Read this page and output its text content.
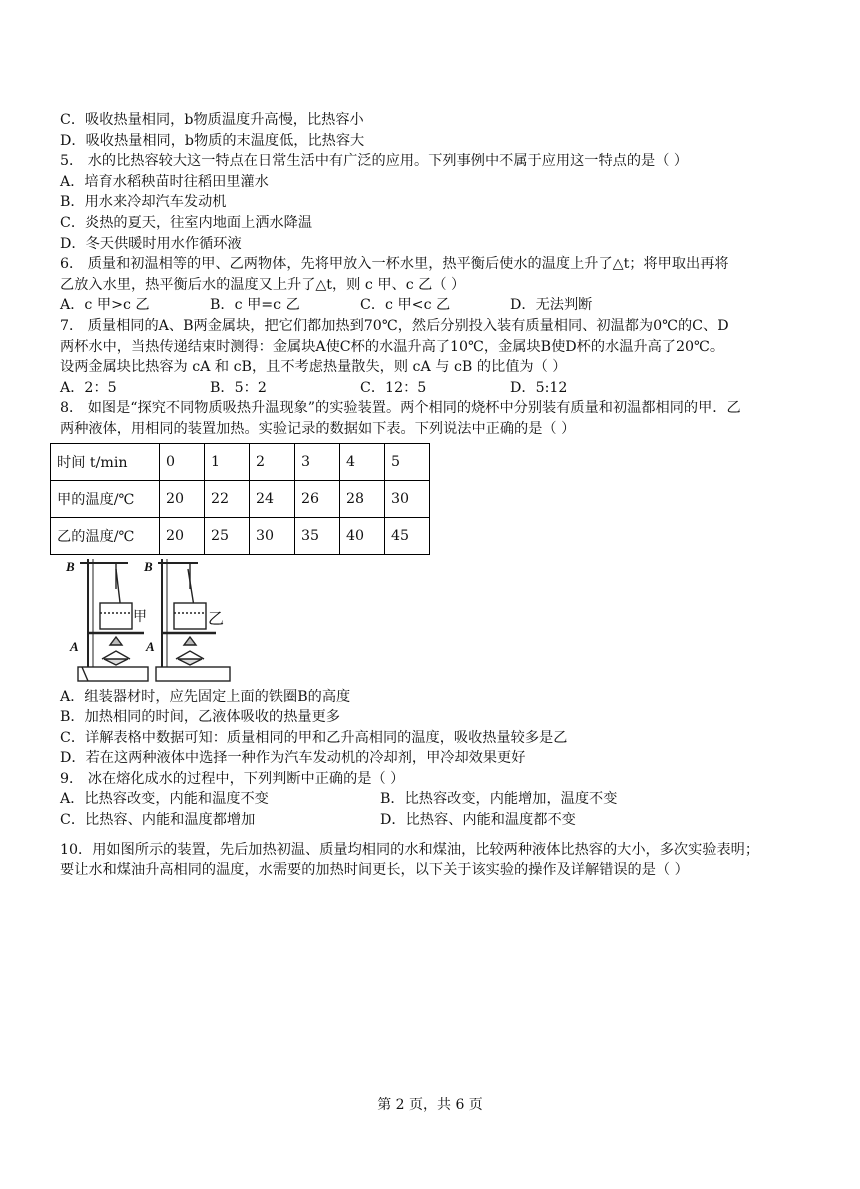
C．吸收热量相同，b物质温度升高慢，比热容小
D．吸收热量相同，b物质的末温度低，比热容大
5． 水的比热容较大这一特点在日常生活中有广泛的应用。下列事例中不属于应用这一特点的是（ ）
A．培育水稻秧苗时往稻田里灌水
B．用水来冷却汽车发动机
C．炎热的夏天，往室内地面上洒水降温
D．冬天供暖时用水作循环液
6． 质量和初温相等的甲、乙两物体，先将甲放入一杯水里，热平衡后使水的温度上升了△t；将甲取出再将
乙放入水里，热平衡后水的温度又上升了△t，则 c 甲、c 乙（ ）
A．c 甲>c 乙	B．c 甲=c 乙	C．c 甲<c 乙	D．无法判断
7． 质量相同的A、B两金属块，把它们都加热到70℃，然后分别投入装有质量相同、初温都为0℃的C、D
两杯水中，当热传递结束时测得：金属块A使C杯的水温升高了10℃，金属块B使D杯的水温升高了20℃。
设两金属块比热容为 cA 和 cB，且不考虑热量散失，则 cA 与 cB 的比值为（ ）
A．2：5	B．5：2	C．12：5	D．5:12
8． 如图是“探究不同物质吸热升温现象”的实验装置。两个相同的烧杯中分别装有质量和初温都相同的甲．乙
两种液体，用相同的装置加热。实验记录的数据如下表。下列说法中正确的是（ ）
时间 t/min	0	1	2	3	4	5
甲的温度/℃	20	22	24	26	28	30
乙的温度/℃	20	25	30	35	40	45
B	B
A	A
甲	乙
A．组装器材时，应先固定上面的铁圈B的高度
B．加热相同的时间，乙液体吸收的热量更多
C．详解表格中数据可知：质量相同的甲和乙升高相同的温度，吸收热量较多是乙
D．若在这两种液体中选择一种作为汽车发动机的冷却剂，甲冷却效果更好
9． 冰在熔化成水的过程中，下列判断中正确的是（ ）
A．比热容改变，内能和温度不变	B．比热容改变，内能增加，温度不变
C．比热容、内能和温度都增加	D．比热容、内能和温度都不变
10．用如图所示的装置，先后加热初温、质量均相同的水和煤油，比较两种液体比热容的大小，多次实验表明；
要让水和煤油升高相同的温度，水需要的加热时间更长，以下关于该实验的操作及详解错误的是（ ）
第 2 页，共 6 页
